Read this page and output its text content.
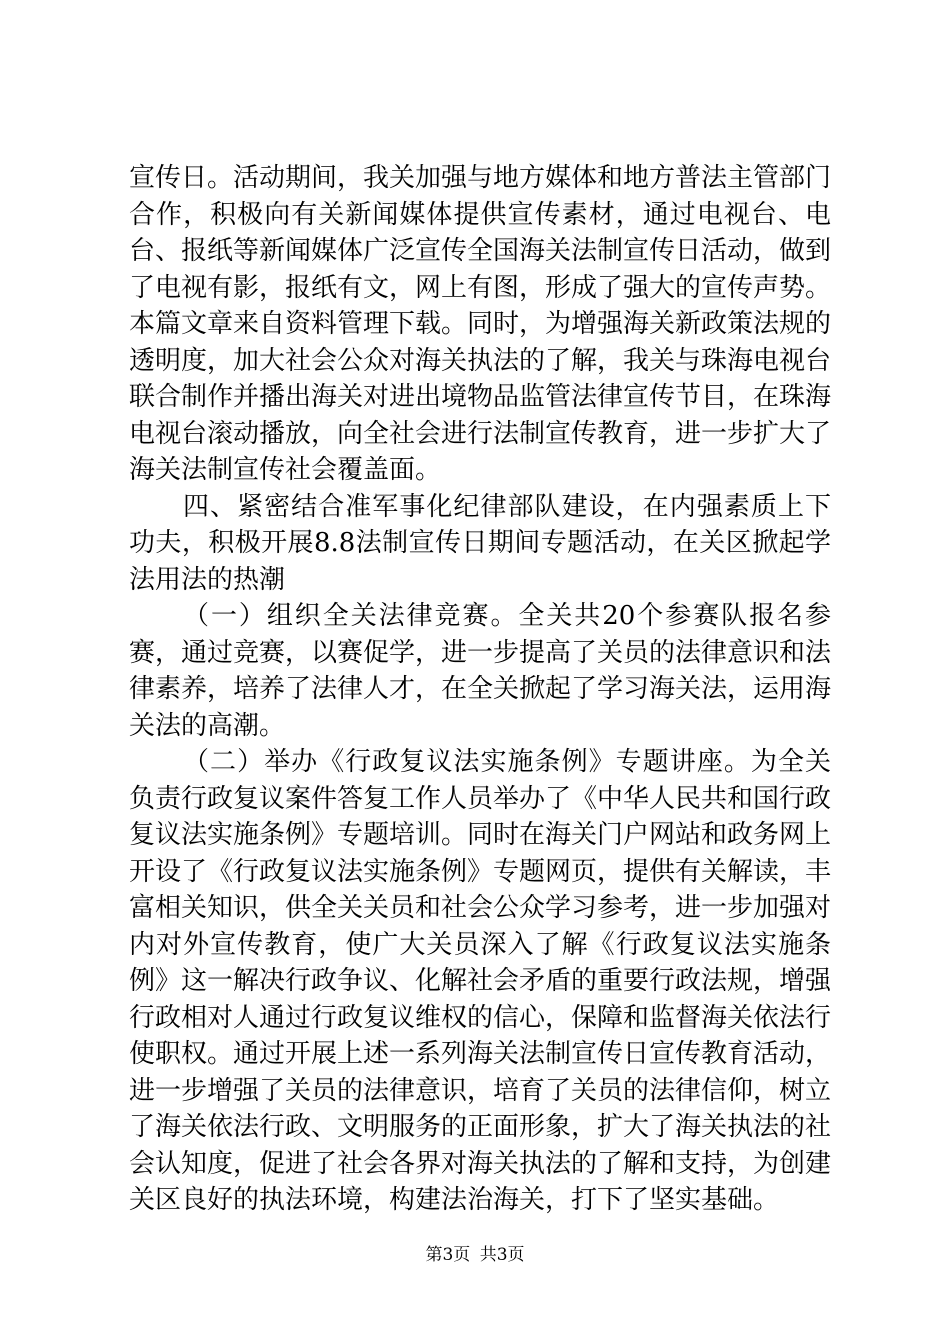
宣传日。活动期间，我关加强与地方媒体和地方普法主管部门合作，积极向有关新闻媒体提供宣传素材，通过电视台、电台、报纸等新闻媒体广泛宣传全国海关法制宣传日活动，做到了电视有影，报纸有文，网上有图，形成了强大的宣传声势。本篇文章来自资料管理下载。同时，为增强海关新政策法规的透明度，加大社会公众对海关执法的了解，我关与珠海电视台联合制作并播出海关对进出境物品监管法律宣传节目，在珠海电视台滚动播放，向全社会进行法制宣传教育，进一步扩大了海关法制宣传社会覆盖面。

四、紧密结合准军事化纪律部队建设，在内强素质上下功夫，积极开展8.8法制宣传日期间专题活动，在关区掀起学法用法的热潮

（一）组织全关法律竞赛。全关共20个参赛队报名参赛，通过竞赛，以赛促学，进一步提高了关员的法律意识和法律素养，培养了法律人才，在全关掀起了学习海关法，运用海关法的高潮。

（二）举办《行政复议法实施条例》专题讲座。为全关负责行政复议案件答复工作人员举办了《中华人民共和国行政复议法实施条例》专题培训。同时在海关门户网站和政务网上开设了《行政复议法实施条例》专题网页，提供有关解读，丰富相关知识，供全关关员和社会公众学习参考，进一步加强对内对外宣传教育，使广大关员深入了解《行政复议法实施条例》这一解决行政争议、化解社会矛盾的重要行政法规，增强行政相对人通过行政复议维权的信心，保障和监督海关依法行使职权。通过开展上述一系列海关法制宣传日宣传教育活动，进一步增强了关员的法律意识，培育了关员的法律信仰，树立了海关依法行政、文明服务的正面形象，扩大了海关执法的社会认知度，促进了社会各界对海关执法的了解和支持，为创建关区良好的执法环境，构建法治海关，打下了坚实基础。

第3页 共3页
